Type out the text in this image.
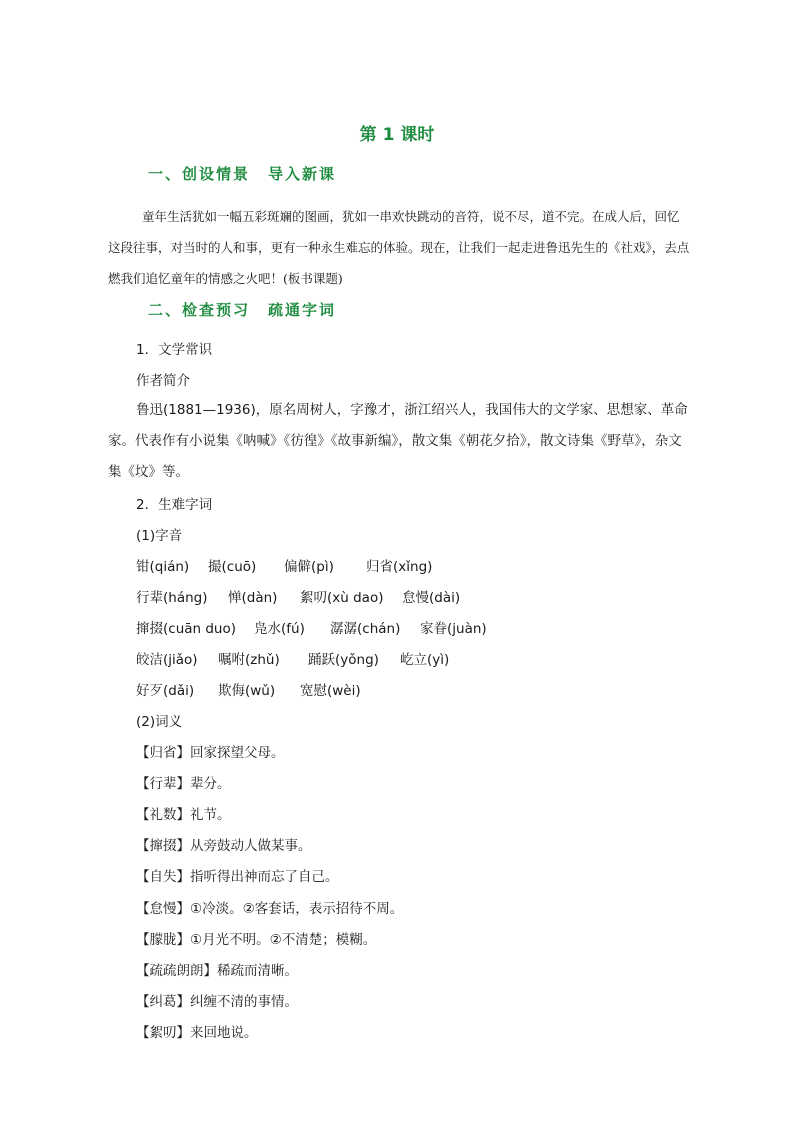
第 1 课时
一、创设情景 导入新课
童年生活犹如一幅五彩斑斓的图画，犹如一串欢快跳动的音符，说不尽，道不完。在成人后，回忆这段往事，对当时的人和事，更有一种永生难忘的体验。现在，让我们一起走进鲁迅先生的《社戏》，去点燃我们追忆童年的情感之火吧！(板书课题)
二、检查预习 疏通字词
1．文学常识
作者简介
鲁迅(1881—1936)，原名周树人，字豫才，浙江绍兴人，我国伟大的文学家、思想家、革命家。代表作有小说集《呐喊》《彷徨》《故事新编》，散文集《朝花夕拾》，散文诗集《野草》，杂文集《坟》等。
2．生难字词
(1)字音
钳(qián) 撮(cuō) 偏僻(pì) 归省(xǐng)
行辈(háng) 惮(dàn) 絮叨(xù dao) 怠慢(dài)
撺掇(cuān duo) 凫水(fú) 潺潺(chán) 家眷(juàn)
皎洁(jiǎo) 嘱咐(zhǔ) 踊跃(yǒng) 屹立(yì)
好歹(dǎi) 欺侮(wǔ) 宽慰(wèi)
(2)词义
【归省】回家探望父母。
【行辈】辈分。
【礼数】礼节。
【撺掇】从旁鼓动人做某事。
【自失】指听得出神而忘了自己。
【怠慢】①冷淡。②客套话，表示招待不周。
【朦胧】①月光不明。②不清楚；模糊。
【疏疏朗朗】稀疏而清晰。
【纠葛】纠缠不清的事情。
【絮叨】来回地说。
